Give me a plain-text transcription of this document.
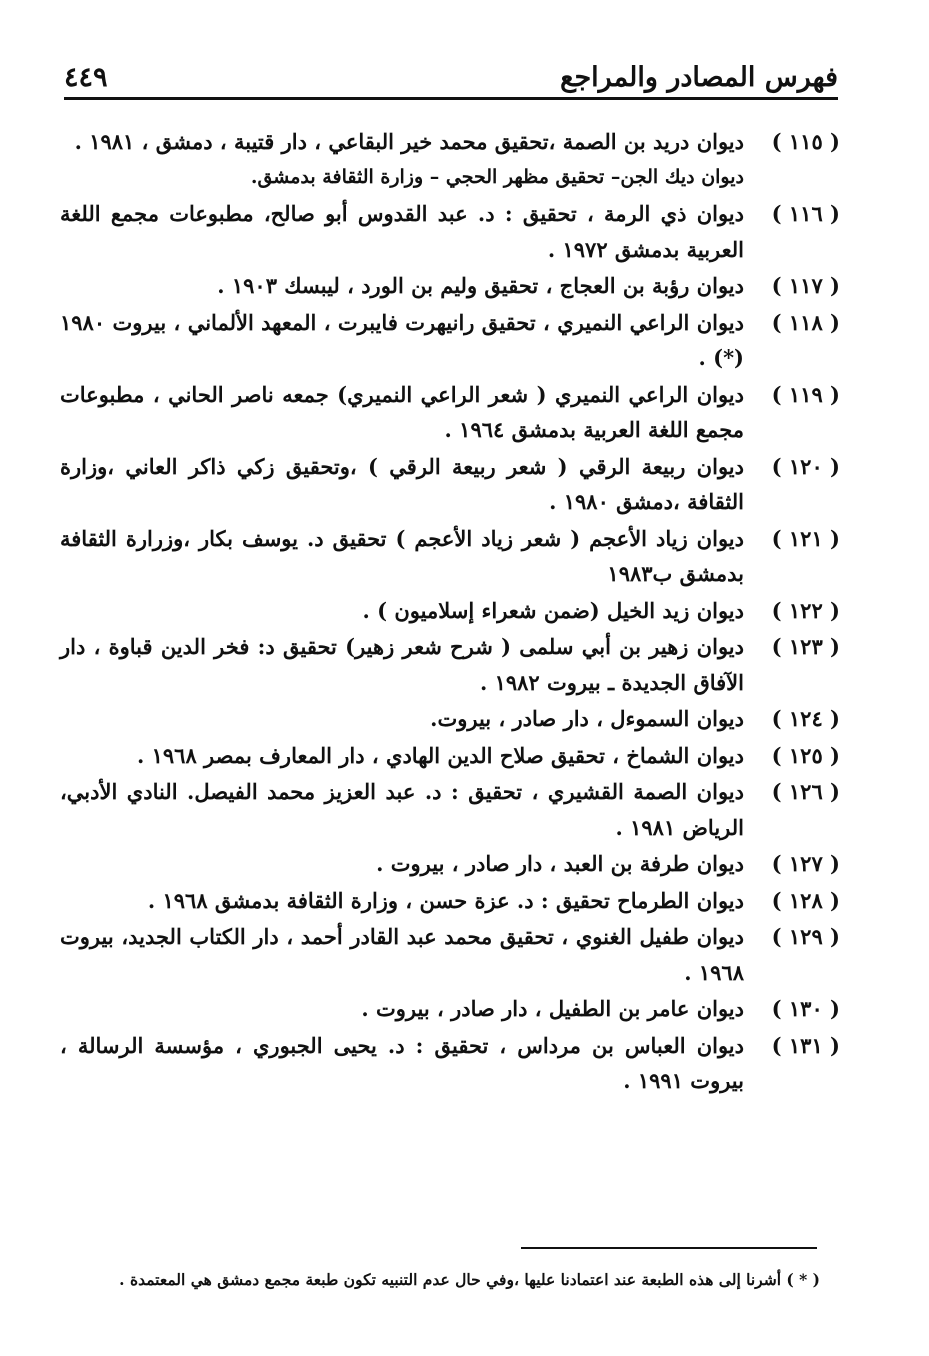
فهرس المصادر والمراجع
٤٤٩
( ١١٥ )
ديوان دريد بن الصمة ،تحقيق محمد خير البقاعي ، دار قتيبة ، دمشق ، ١٩٨١ .
ديوان ديك الجن– تحقيق مظهر الحجي – وزارة الثقافة بدمشق.
( ١١٦ )
ديوان ذي الرمة ، تحقيق : د. عبد القدوس أبو صالح، مطبوعات مجمع اللغة العربية بدمشق ١٩٧٢ .
( ١١٧ )
ديوان رؤبة بن العجاج ، تحقيق وليم بن الورد ، ليبسك ١٩٠٣ .
( ١١٨ )
ديوان الراعي النميري ، تحقيق رانيهرت فايبرت ، المعهد الألماني ، بيروت ١٩٨٠ (*) .
( ١١٩ )
ديوان الراعي النميري ( شعر الراعي النميري) جمعه ناصر الحاني ، مطبوعات مجمع اللغة العربية بدمشق ١٩٦٤ .
( ١٢٠ )
ديوان ربيعة الرقي ( شعر ربيعة الرقي ) ،وتحقيق زكي ذاكر العاني ،وزارة الثقافة ،دمشق ١٩٨٠ .
( ١٢١ )
ديوان زياد الأعجم ( شعر زياد الأعجم ) تحقيق د. يوسف بكار ،وزرارة الثقافة بدمشق ب١٩٨٣
( ١٢٢ )
ديوان زيد الخيل (ضمن شعراء إسلاميون ) .
( ١٢٣ )
ديوان زهير بن أبي سلمى ( شرح شعر زهير) تحقيق د: فخر الدين قباوة ، دار الآفاق الجديدة ـ بيروت ١٩٨٢ .
( ١٢٤ )
ديوان السموءل ، دار صادر ، بيروت.
( ١٢٥ )
ديوان الشماخ ، تحقيق صلاح الدين الهادي ، دار المعارف بمصر ١٩٦٨ .
( ١٢٦ )
ديوان الصمة القشيري ، تحقيق : د. عبد العزيز محمد الفيصل. النادي الأدبي، الرياض ١٩٨١ .
( ١٢٧ )
ديوان طرفة بن العبد ، دار صادر ، بيروت .
( ١٢٨ )
ديوان الطرماح تحقيق : د. عزة حسن ، وزارة الثقافة بدمشق ١٩٦٨ .
( ١٢٩ )
ديوان طفيل الغنوي ، تحقيق محمد عبد القادر أحمد ، دار الكتاب الجديد، بيروت ١٩٦٨ .
( ١٣٠ )
ديوان عامر بن الطفيل ، دار صادر ، بيروت .
( ١٣١ )
ديوان العباس بن مرداس ، تحقيق : د. يحيى الجبوري ، مؤسسة الرسالة ، بيروت ١٩٩١ .
( * ) أشرنا إلى هذه الطبعة عند اعتمادنا عليها ،وفي حال عدم التنبيه تكون طبعة مجمع دمشق هي المعتمدة .
